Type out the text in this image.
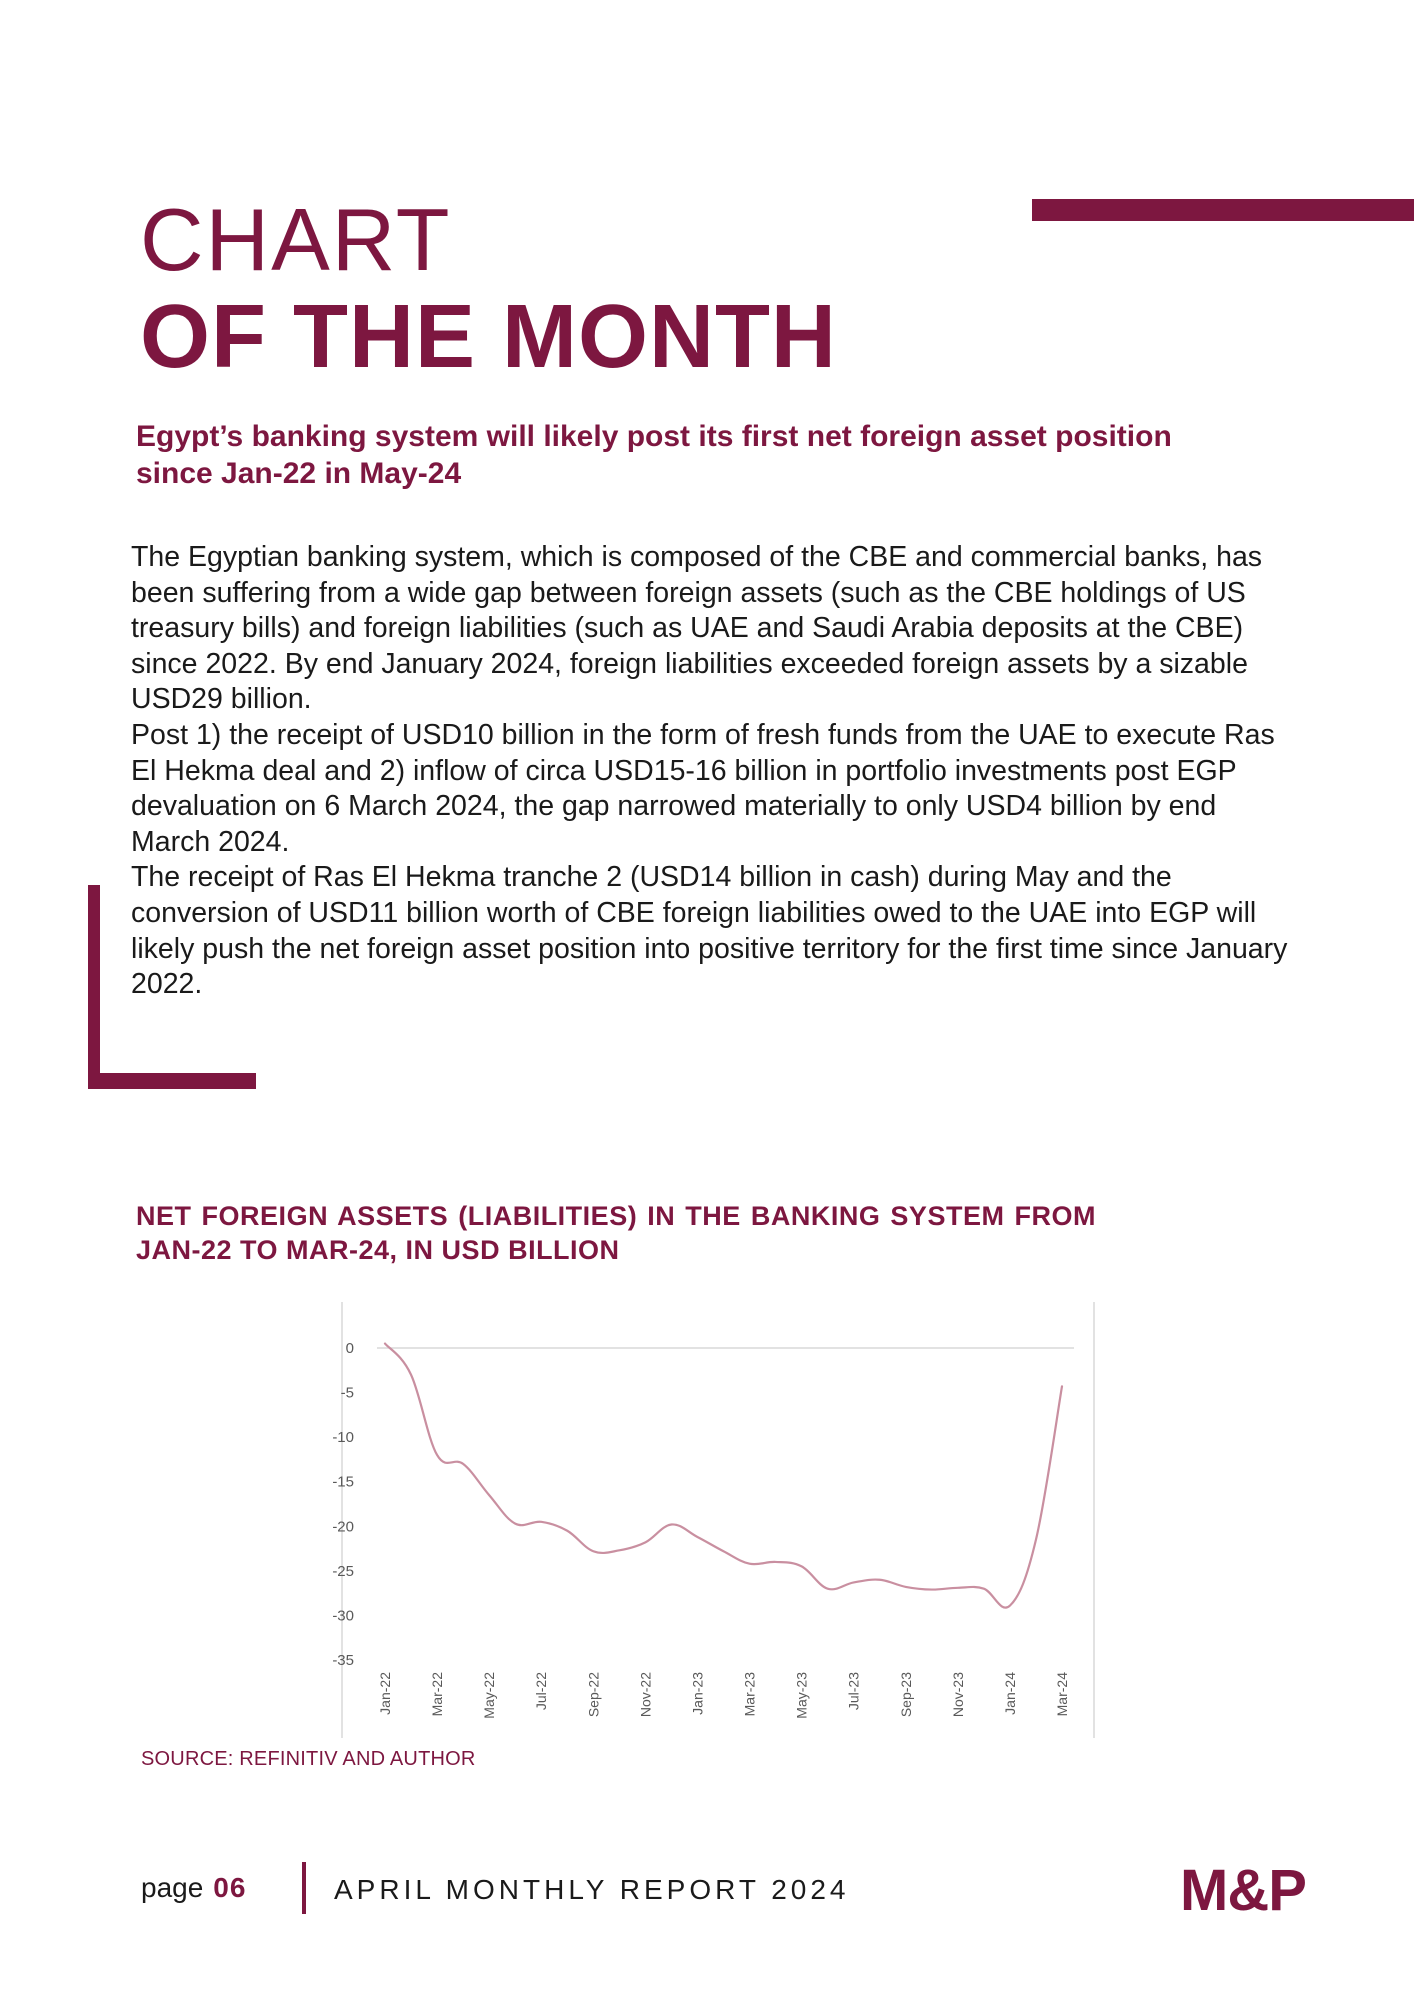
CHART
OF THE MONTH
Egypt’s banking system will likely post its first net foreign asset position since Jan-22 in May-24

The Egyptian banking system, which is composed of the CBE and commercial banks, has been suffering from a wide gap between foreign assets (such as the CBE holdings of US treasury bills) and foreign liabilities (such as UAE and Saudi Arabia deposits at the CBE) since 2022. By end January 2024, foreign liabilities exceeded foreign assets by a sizable USD29 billion.

Post 1) the receipt of USD10 billion in the form of fresh funds from the UAE to execute Ras El Hekma deal and 2) inflow of circa USD15-16 billion in portfolio investments post EGP devaluation on 6 March 2024, the gap narrowed materially to only USD4 billion by end March 2024.

The receipt of Ras El Hekma tranche 2 (USD14 billion in cash) during May and the conversion of USD11 billion worth of CBE foreign liabilities owed to the UAE into EGP will likely push the net foreign asset position into positive territory for the first time since January 2022.

NET FOREIGN ASSETS (LIABILITIES) IN THE BANKING SYSTEM FROM JAN-22 TO MAR-24, IN USD BILLION
0
-5
-10
-15
-20
-25
-30
-35
Jan-22	Mar-22	May-22	Jul-22	Sep-22	Nov-22	Jan-23	Mar-23	May-23	Jul-23	Sep-23	Nov-23	Jan-24	Mar-24
SOURCE: REFINITIV AND AUTHOR
page 06	APRIL MONTHLY REPORT 2024	M&P
